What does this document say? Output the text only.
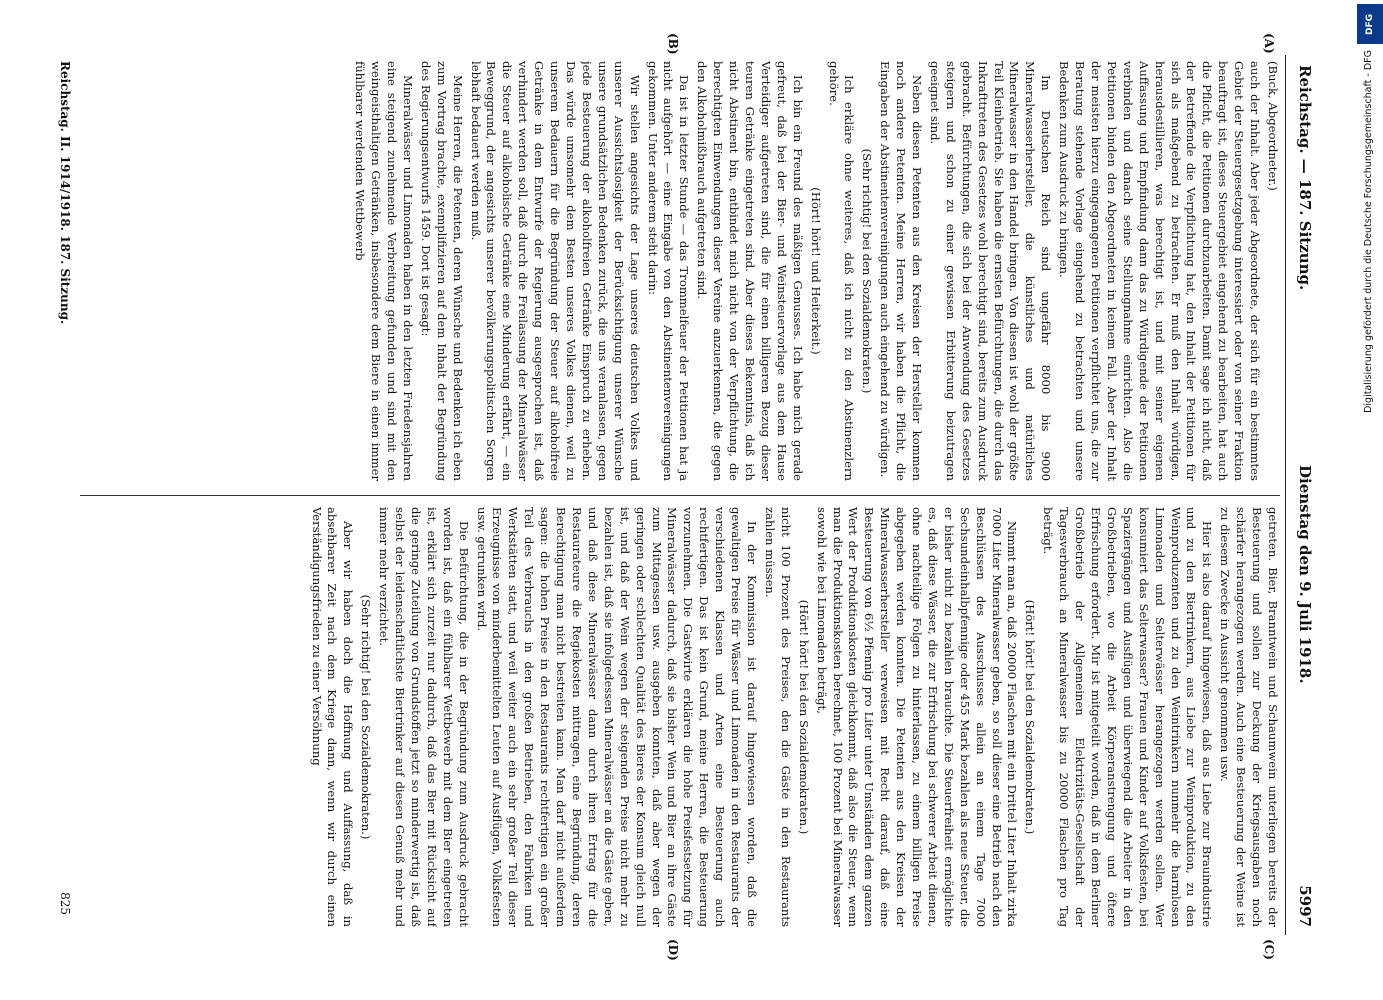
Reichstag. — 187. Sitzung.
Dienstag den 9. Juli 1918.
5997

(Buck, Abgeordneter.)

auch der Inhalt. Aber jeder Abgeordnete, der sich für ein bestimmtes Gebiet der Steuergesetzgebung interessiert oder von seiner Fraktion beauftragt ist, dieses Steuergebiet eingehend zu bearbeiten, hat auch die Pflicht, die Petitionen durchzuarbeiten. Damit sage ich nicht, daß der Betreffende die Verpflichtung hat, den Inhalt der Petitionen für sich als maßgebend zu betrachten. Er muß den Inhalt würdigen, herausdestillieren, was berechtigt ist, und mit seiner eigenen Auffassung und Empfindung dann das zu Würdigende der Petitionen verbinden und danach seine Stellungnahme einrichten. Also die Petitionen binden den Abgeordneten in keinem Fall. Aber der Inhalt der meisten hierzu eingegangenen Petitionen verpflichtet uns, die zur Beratung stehende Vorlage eingehend zu betrachten und unsere Bedenken zum Ausdruck zu bringen.

Im Deutschen Reich sind ungefähr 8000 bis 9000 Mineralwasserhersteller, die künstliches und natürliches Mineralwasser in den Handel bringen. Von diesen ist wohl der größte Teil Kleinbetrieb. Sie haben die ernsten Befürchtungen, die durch das Inkrafttreten des Gesetzes wohl berechtigt sind, bereits zum Ausdruck gebracht. Befürchtungen, die sich bei der Anwendung des Gesetzes steigern und schon zu einer gewissen Erbitterung beizutragen geeignet sind.

Neben diesen Petenten aus den Kreisen der Hersteller kommen noch andere Petenten. Meine Herren, wir haben die Pflicht, die Eingaben der Abstinentenvereinigungen auch eingehend zu würdigen.

(Sehr richtig! bei den Sozialdemokraten.)

Ich erkläre ohne weiteres, daß ich nicht zu den Abstinenzlern gehöre.

(Hört! hört! und Heiterkeit.)

Ich bin ein Freund des mäßigen Genusses. Ich habe mich gerade gefreut, daß bei der Bier- und Weinsteuervorlage aus dem Hause Verteidiger aufgetreten sind, die für einen billigeren Bezug dieser teuren Getränke eingetreten sind. Aber dieses Bekenntnis, daß ich nicht Abstinent bin, entbindet mich nicht von der Verpflichtung, die berechtigten Einwendungen dieser Vereine anzuerkennen, die gegen den Alkoholmißbrauch aufgetreten sind.

Da ist in letzter Stunde — das Trommelfeuer der Petitionen hat ja nicht aufgehört — eine Eingabe von den Abstinentenvereinigungen gekommen. Unter anderem steht darin:

Wir stellen angesichts der Lage unseres deutschen Volkes und unserer Aussichtslosigkeit der Berücksichtigung unserer Wünsche unsere grundsätzlichen Bedenken zurück, die uns veranlassen, gegen jede Besteuerung der alkoholfreien Getränke Einspruch zu erheben. Das würde umsomehr dem Besten unseres Volkes dienen, weil zu unserem Bedauern für die Begründung der Steuer auf alkoholfreie Getränke in dem Entwurfe der Regierung ausgesprochen ist, daß verhindert werden soll, daß durch die Freilassung der Mineralwässer die Steuer auf alkoholische Getränke eine Minderung erfährt, — ein Beweggrund, der angesichts unserer bevölkerungspolitischen Sorgen lebhaft bedauert werden muß.

Meine Herren, die Petenten, deren Wünsche und Bedenken ich eben zum Vortrag brachte, exemplifizieren auf dem Inhalt der Begründung des Regierungsentwurfs 1459. Dort ist gesagt:

Mineralwässer und Limonaden haben in den letzten Friedensjahren eine steigend zunehmende Verbreitung gefunden und sind mit den weingeisthaltigen Getränken, insbesondere dem Biere in einen immer fühlbarer werdenden Wettbewerb

getreten. Bier, Branntwein und Schaumwein unterliegen bereits der Besteuerung und sollen zur Deckung der Kriegsausgaben noch schärfer herangezogen werden. Auch eine Besteuerung der Weine ist zu diesem Zwecke in Aussicht genommen usw.

Hier ist also darauf hingewiesen, daß aus Liebe zur Brauindustrie und zu den Biertrinkern, aus Liebe zur Weinproduktion, zu den Weinproduzenten und zu den Weintrinkern nunmehr die harmlosen Limonaden und Selterwässer herangezogen werden sollen. Wer konsumiert das Selterwasser? Frauen und Kinder auf Volksfesten, bei Spaziergängen und Ausflügen und überwiegend die Arbeiter in den Großbetrieben, wo die Arbeit Körperanstrengung und öftere Erfrischung erfordert. Mir ist mitgeteilt worden, daß in dem Berliner Großbetrieb der Allgemeinen Elektrizitäts-Gesellschaft der Tagesverbrauch an Mineralwasser bis zu 20000 Flaschen pro Tag beträgt.

(Hört! hört! bei den Sozialdemokraten.)

Nimmt man an, daß 20000 Flaschen mit ein Drittel Liter Inhalt zirka 7000 Liter Mineralwasser geben, so soll dieser eine Betrieb nach den Beschlüssen des Ausschusses allein an einem Tage 7000 Sechsundeinhalbpfennige oder 455 Mark bezahlen als neue Steuer, die er bisher nicht zu bezahlen brauchte. Die Steuerfreiheit ermöglichte es, daß diese Wässer, die zur Erfrischung bei schwerer Arbeit dienen, ohne nachteilige Folgen zu hinterlassen, zu einem billigen Preise abgegeben werden konnten. Die Petenten aus den Kreisen der Mineralwasserhersteller verweisen mit Recht darauf, daß eine Besteuerung von 6½ Pfennig pro Liter unter Umständen dem ganzen Wert der Produktionskosten gleichkommt, daß also die Steuer, wenn man die Produktionskosten berechnet, 100 Prozent bei Mineralwasser sowohl wie bei Limonaden beträgt,

(Hört! hört! bei den Sozialdemokraten.)

nicht 100 Prozent des Preises, den die Gäste in den Restaurants zahlen müssen.

In der Kommission ist darauf hingewiesen worden, daß die gewaltigen Preise für Wässer und Limonaden in den Restaurants der verschiedenen Klassen und Arten eine Besteuerung auch rechtfertigen. Das ist kein Grund, meine Herren, die Besteuerung vorzunehmen. Die Gastwirte erklären die hohe Preisfestsetzung für Mineralwässer dadurch, daß sie bisher Wein und Bier an ihre Gäste zum Mittagessen usw. ausgeben konnten, daß aber wegen der geringen oder schlechten Qualität des Bieres der Konsum gleich null ist, und daß der Wein wegen der steigenden Preise nicht mehr zu bezahlen ist, daß sie infolgedessen Mineralwässer an die Gäste geben, und daß diese Mineralwässer dann durch ihren Ertrag für die Restaurateure die Regiekosten mittragen, eine Begründung, deren Berechtigung man nicht bestreiten kann. Man darf nicht außerdem sagen: die hohen Preise in den Restaurants rechtfertigen ein großer Teil des Verbrauchs in den großen Betrieben, den Fabriken und Werkstätten statt, und weil weiter auch ein sehr großer Teil dieser Erzeugnisse von minderbemittelten Leuten auf Ausflügen, Volksfesten usw. getrunken wird.

Die Befürchtung, die in der Begründung zum Ausdruck gebracht worden ist, daß ein fühlbarer Wettbewerb mit dem Bier eingetreten ist, erklärt sich zurzeit nur dadurch, daß das Bier mit Rücksicht auf die geringe Zuteilung von Grundstoffen jetzt so minderwertig ist, daß selbst der leidenschaftlichste Biertrinker auf diesen Genuß mehr und immer mehr verzichtet.

(Sehr richtig! bei den Sozialdemokraten.)

Aber wir haben doch die Hoffnung und Auffassung, daß in absehbarer Zeit nach dem Kriege dann, wenn wir durch einen Verständigungsfrieden zu einer Versöhnung

(A)
(B)
(C)
(D)
Reichstag. II. 1914/1918. 187. Sitzung.
825
DFG
Digitalisierung gefördert durch die Deutsche Forschungsgemeinschaft - DFG
